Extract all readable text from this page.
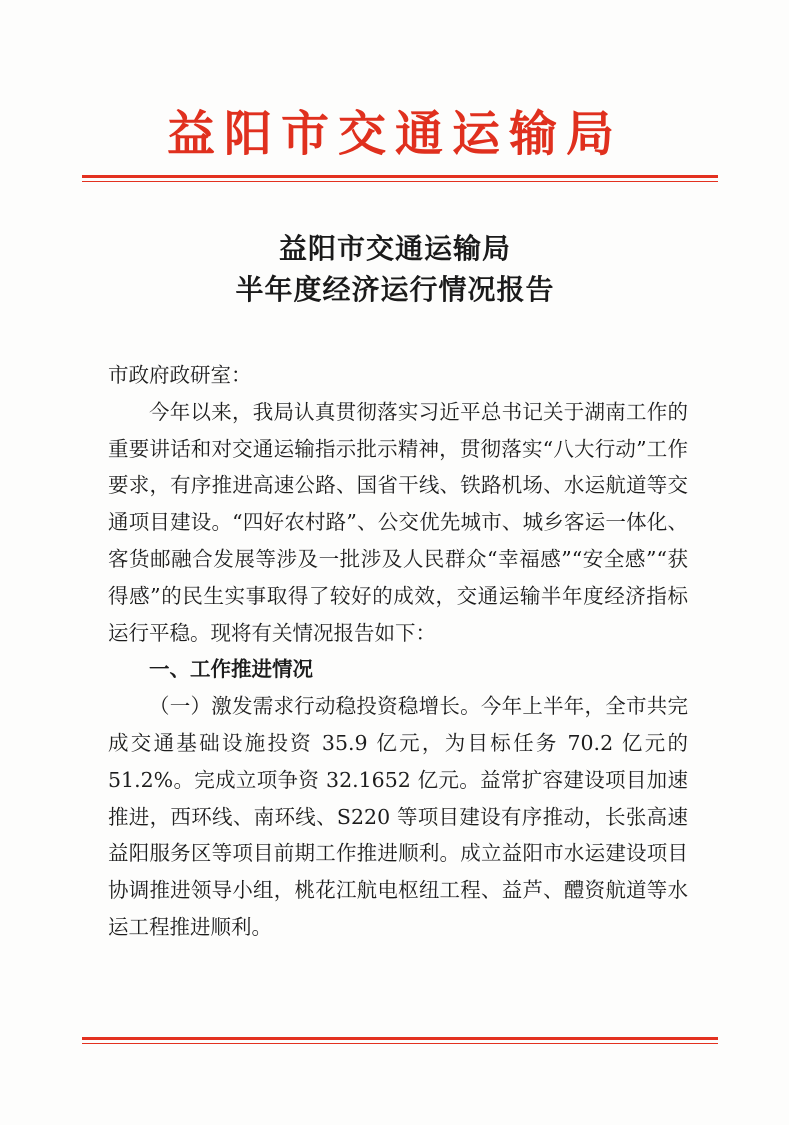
益阳市交通运输局
益阳市交通运输局
半年度经济运行情况报告

市政府政研室：

今年以来，我局认真贯彻落实习近平总书记关于湖南工作的重要讲话和对交通运输指示批示精神，贯彻落实“八大行动”工作要求，有序推进高速公路、国省干线、铁路机场、水运航道等交通项目建设。“四好农村路”、公交优先城市、城乡客运一体化、客货邮融合发展等涉及一批涉及人民群众“幸福感”“安全感”“获得感”的民生实事取得了较好的成效，交通运输半年度经济指标运行平稳。现将有关情况报告如下：

一、工作推进情况

（一）激发需求行动稳投资稳增长。今年上半年，全市共完成交通基础设施投资 35.9 亿元，为目标任务 70.2 亿元的 51.2%。完成立项争资 32.1652 亿元。益常扩容建设项目加速推进，西环线、南环线、S220 等项目建设有序推动，长张高速益阳服务区等项目前期工作推进顺利。成立益阳市水运建设项目协调推进领导小组，桃花江航电枢纽工程、益芦、醴资航道等水运工程推进顺利。
